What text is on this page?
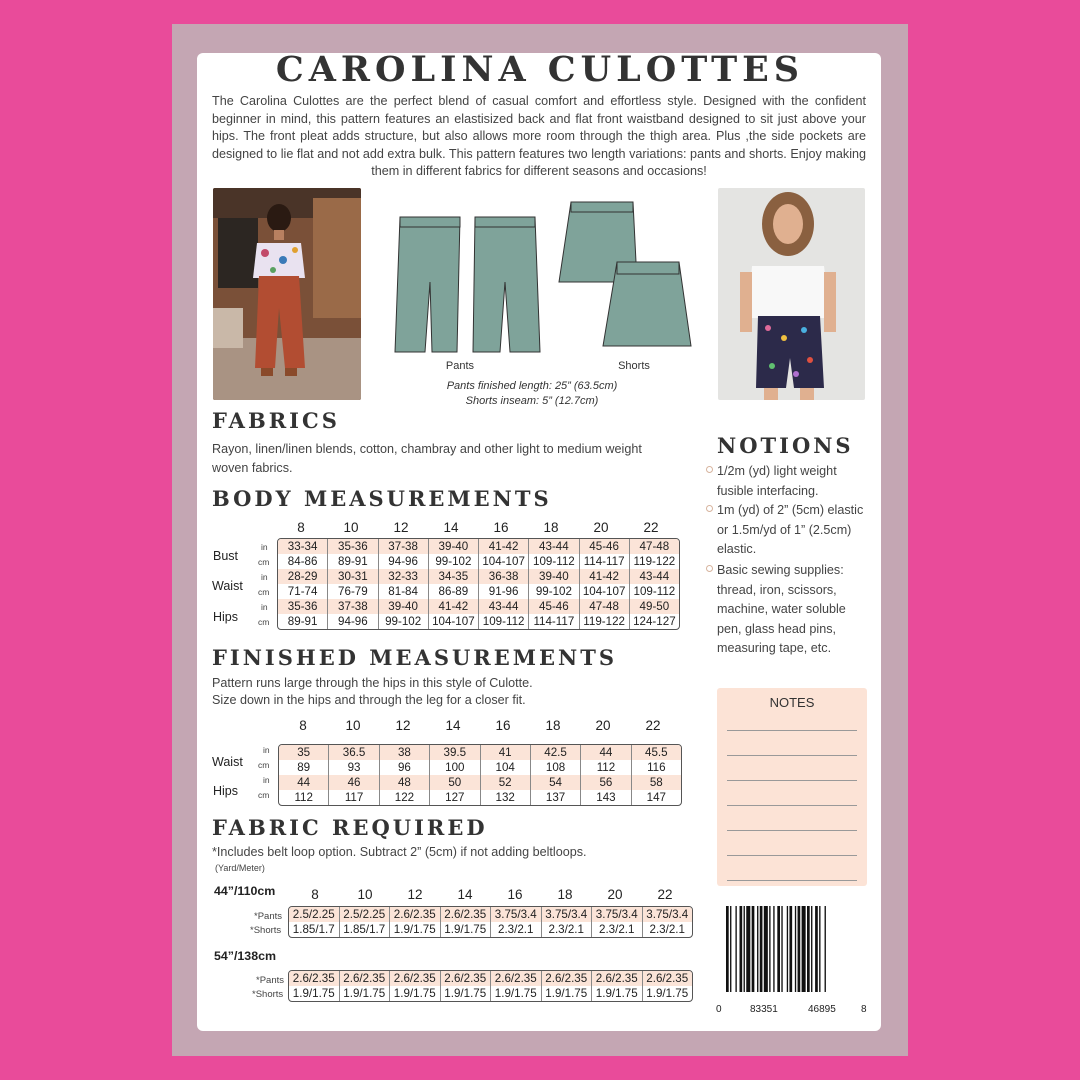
CAROLINA CULOTTES

The Carolina Culottes are the perfect blend of casual comfort and effortless style. Designed with the confident beginner in mind, this pattern features an elastisized back and flat front waistband designed to sit just above your hips. The front pleat adds structure, but also allows more room through the thigh area. Plus ,the side pockets are designed to lie flat and not add extra bulk. This pattern features two length variations: pants and shorts. Enjoy making them in different fabrics for different seasons and occasions!

Pants	Shorts
Pants finished length: 25” (63.5cm)
Shorts inseam: 5” (12.7cm)
FABRICS

Rayon, linen/linen blends, cotton, chambray and other light to medium weight woven fabrics.

BODY MEASUREMENTS
8	10	12	14	16	18	20	22
Bust
Waist
Hips
in
cm
in
cm
in
cm
33-34	35-36	37-38	39-40	41-42	43-44	45-46	47-48
84-86	89-91	94-96	99-102 104-107 109-112 114-117 119-122
28-29	30-31	32-33	34-35	36-38	39-40	41-42	43-44
71-74	76-79	81-84	86-89	91-96	99-102 104-107 109-112
35-36	37-38	39-40	41-42	43-44	45-46	47-48	49-50
89-91	94-96	99-102 104-107 109-112 114-117 119-122 124-127
FINISHED MEASUREMENTS

Pattern runs large through the hips in this style of Culotte.

Size down in the hips and through the leg for a closer fit.

8	10	12	14	16	18	20	22
Waist
Hips
in
cm
in
cm
35	36.5	38	39.5	41	42.5	44	45.5
89	93	96	100	104	108	112	116
44	46	48	50	52	54	56	58
112	117	122	127	132	137	143	147
FABRIC REQUIRED

*Includes belt loop option. Subtract 2” (5cm) if not adding beltloops.

(Yard/Meter)
44”/110cm	8	10	12	14	16	18	20	22
*Pants
*Shorts
2.5/2.25 2.5/2.25 2.6/2.35 2.6/2.35 3.75/3.4 3.75/3.4 3.75/3.4 3.75/3.4
1.85/1.7 1.85/1.7 1.9/1.75 1.9/1.75	2.3/2.1	2.3/2.1	2.3/2.1	2.3/2.1
54”/138cm
*Pants
*Shorts
2.6/2.35 2.6/2.35 2.6/2.35 2.6/2.35 2.6/2.35 2.6/2.35 2.6/2.35 2.6/2.35
1.9/1.75 1.9/1.75 1.9/1.75 1.9/1.75 1.9/1.75 1.9/1.75 1.9/1.75 1.9/1.75
NOTIONS
1/2m (yd) light weight fusible interfacing.
1m (yd) of 2” (5cm) elastic or 1.5m/yd of 1” (2.5cm) elastic.
Basic sewing supplies: thread, iron, scissors, machine, water soluble pen, glass head pins, measuring tape, etc.
NOTES
0	83351	46895	8
